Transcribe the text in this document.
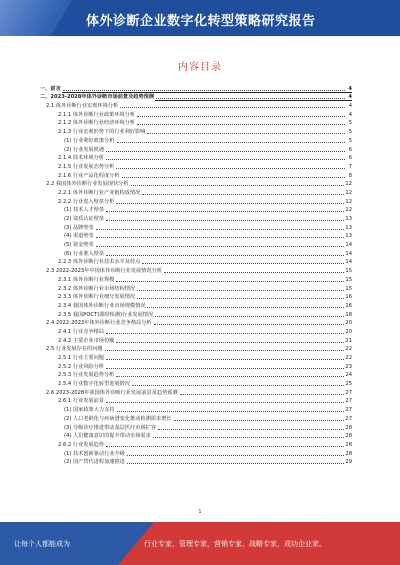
体外诊断企业数字化转型策略研究报告
内容目录
一、前言	4
二、2023-2028年体外诊断市场前景及趋势预测	4
2.1 体外诊断行业宏观环境分析	4
2.1.1 体外诊断行业政策环境分析	4
2.1.2 体外诊断行业经济环境分析	5
2.1.3 行业宏观形势下的行业利好影响	5
(1) 行业利好政策分析	5
(2) 行业发展机遇	6
2.1.4 技术环境分析	6
2.1.5 行业发展态势分析	7
2.1.6 行业产品化程度分析	8
2.2 我国体外诊断行业发展现状分析	12
2.2.1 体外诊断行业产业链构成情况	12
2.2.2 行业进入壁垒分析	12
(1) 技术人才壁垒	12
(2) 资质认证壁垒	13
(3) 品牌壁垒	13
(4) 渠道壁垒	13
(5) 资金壁垒	14
(6) 行业准入壁垒	14
2.2.3 体外诊断行业技术水平及特点	14
2.3 2022-2023年中国体外诊断行业发展情况分析	15
2.3.1 体外诊断行业规模	15
2.3.2 体外诊断行业市场结构情况	15
2.3.3 体外诊断行业细分发展情况	16
2.3.4 我国体外诊断行业市场规模情况	16
2.3.5 我国POCT(即时检测)行业发展情况	18
2.4 2022-2023年体外诊断行业竞争格局分析	20
2.4.1 行业竞争格局	20
2.4.2 主要企业市场份额	21
2.5 行业发展存在的问题	22
2.5.1 行业主要问题	22
2.5.2 行业风险分析	23
2.5.3 行业发展趋势分析	24
2.5.4 行业数字化转型进展情况	25
2.6 2023-2028年我国体外诊断行业发展前景及趋势预测	27
2.6.1 行业发展前景	27
(1) 国家政策大力支持	27
(2) 人口老龄化与疾病谱变化推动检测需求增长	27
(3) 分级诊疗推进带动基层医疗市场扩容	28
(4) 人们健康意识的提升带动市场需求	28
2.6.2 行业发展趋势	28
(1) 技术创新驱动行业升级	28
(2) 国产替代进程加速推进	29
1
让每个人都能成为	行业专家，管理专家，营销专家，战略专家，成功企业家。
